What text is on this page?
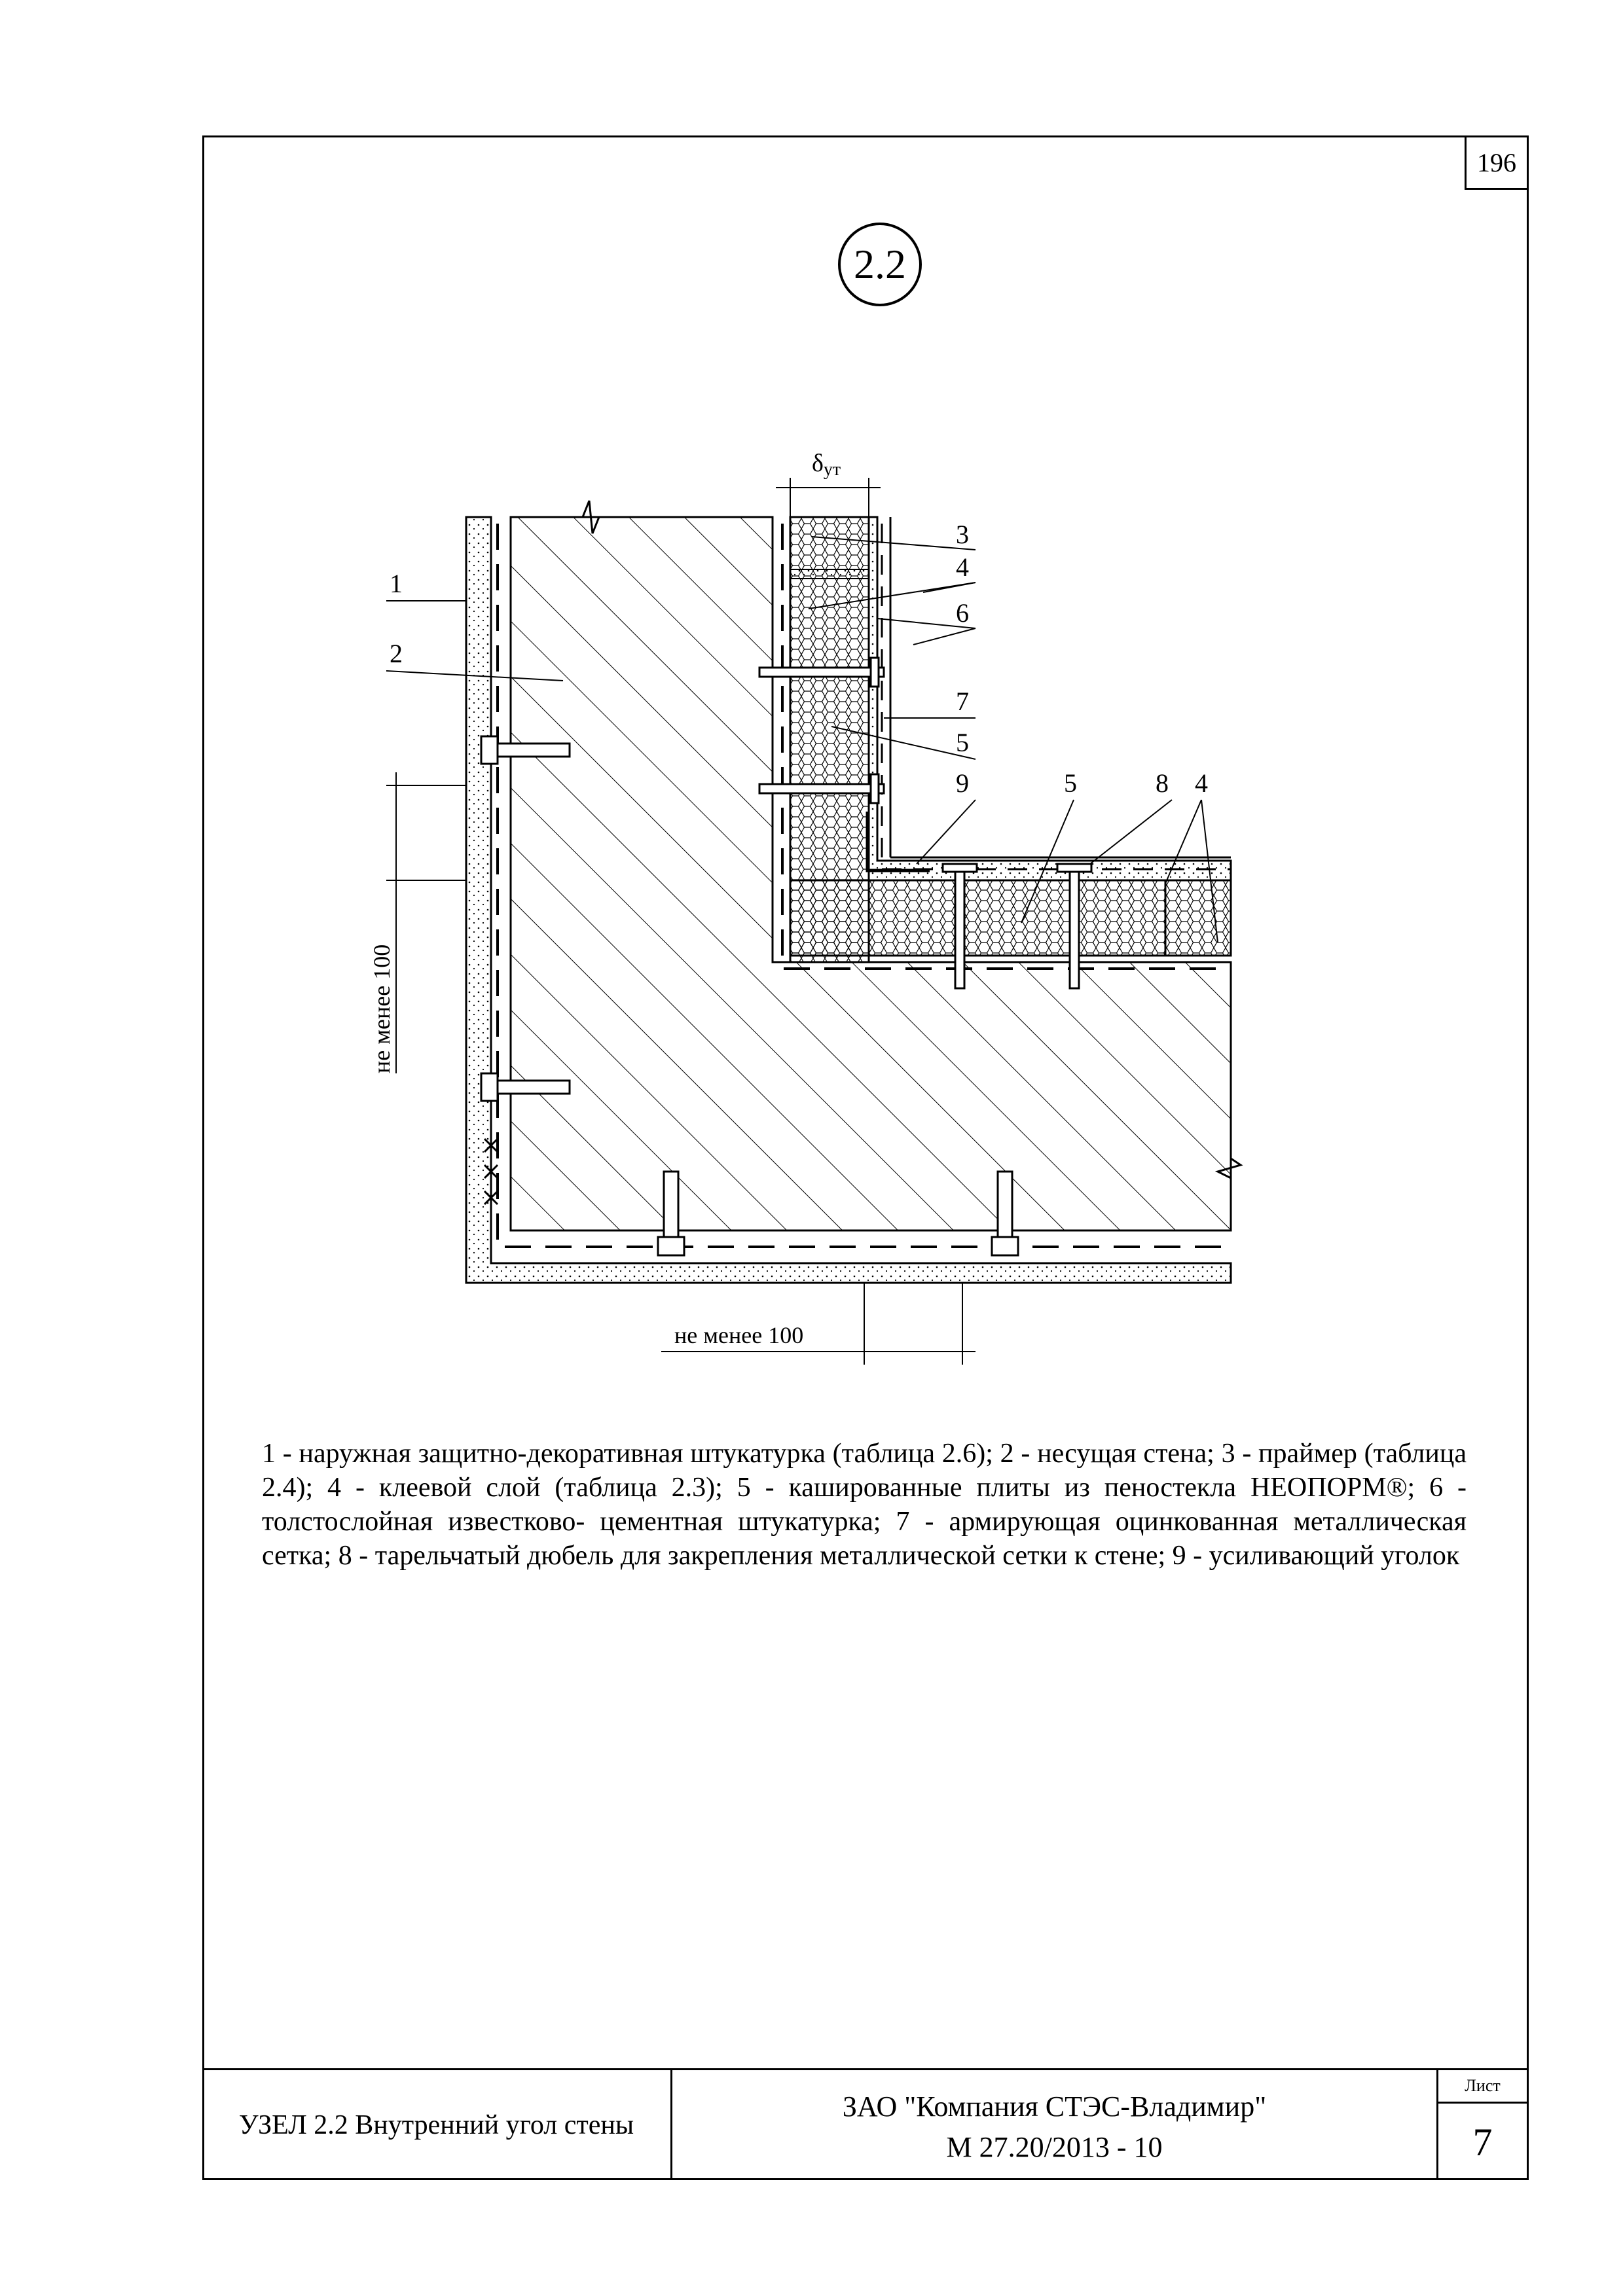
196
2.2
δут
не менее 100
не менее 100
1
2
3
4
6
7
5
9	5	8 4
1 - наружная защитно-декоративная штукатурка (таблица 2.6); 2 - несущая стена; 3 - праймер (таблица 2.4); 4 - клеевой слой (таблица 2.3); 5 - кашированные плиты из пеностекла НЕОПОРМ®; 6 - толстослойная известково- цементная штукатурка; 7 - армирующая оцинкованная металлическая сетка; 8 - тарельчатый дюбель для закрепления металлической сетки к стене; 9 - усиливающий уголок
УЗЕЛ 2.2 Внутренний угол стены
ЗАО "Компания СТЭС-Владимир"
М 27.20/2013 - 10
Лист
7
